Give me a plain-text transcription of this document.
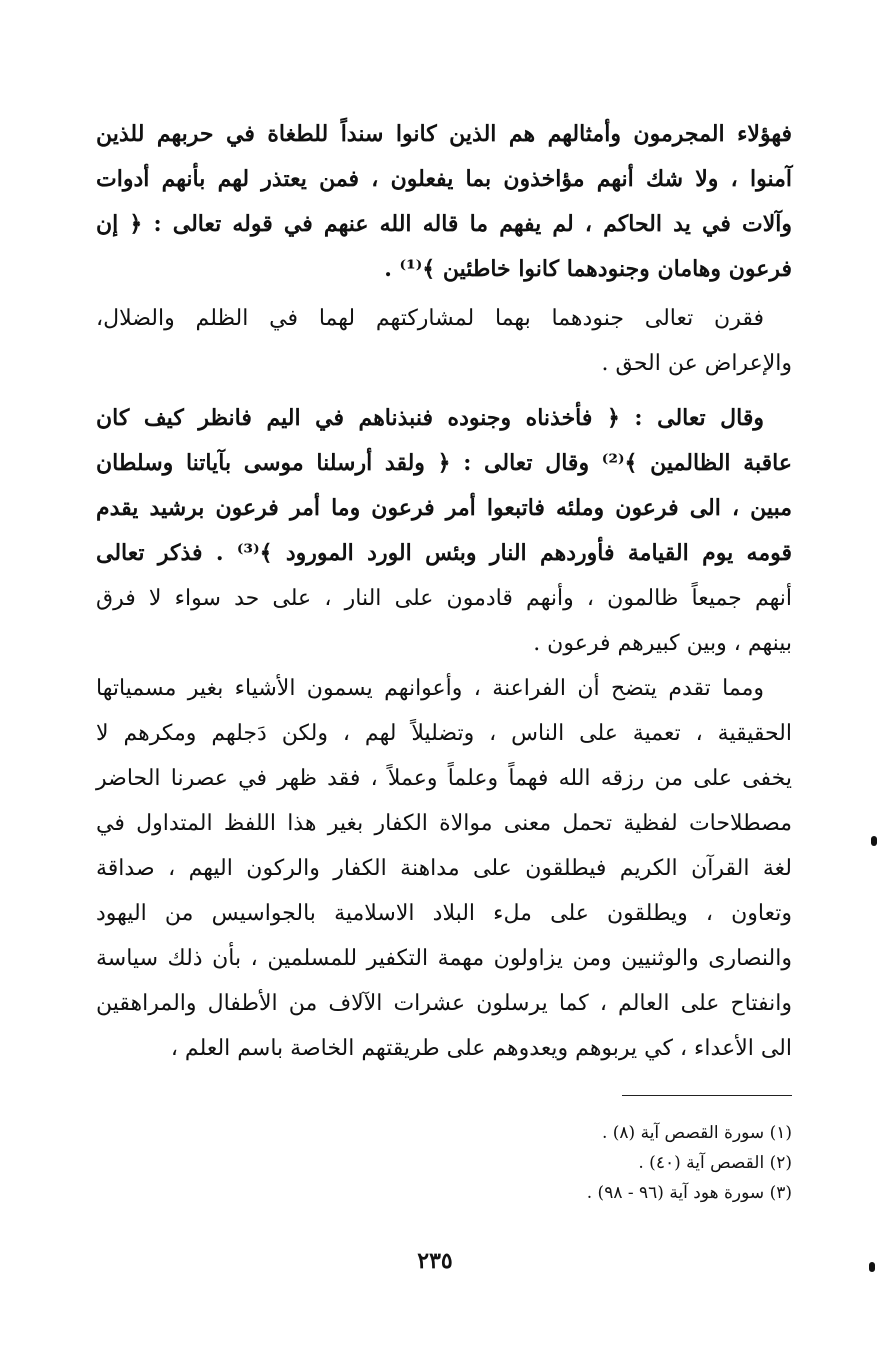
فهؤلاء المجرمون وأمثالهم هم الذين كانوا سنداً للطغاة في حربهم للذين
آمنوا ، ولا شك أنهم مؤاخذون بما يفعلون ، فمن يعتذر لهم بأنهم أدوات
وآلات في يد الحاكم ، لم يفهم ما قاله الله عنهم في قوله تعالى : ﴿ إن
فرعون وهامان وجنودهما كانوا خاطئين ﴾⁽¹⁾ .
فقرن تعالى جنودهما بهما لمشاركتهم لهما في الظلم والضلال،
والإعراض عن الحق .
وقال تعالى : ﴿ فأخذناه وجنوده فنبذناهم في اليم فانظر كيف كان
عاقبة الظالمين ﴾⁽²⁾ وقال تعالى : ﴿ ولقد أرسلنا موسى بآياتنا وسلطان
مبين ، الى فرعون وملئه فاتبعوا أمر فرعون وما أمر فرعون برشيد يقدم
قومه يوم القيامة فأوردهم النار وبئس الورد المورود ﴾⁽³⁾ . فذكر تعالى
أنهم جميعاً ظالمون ، وأنهم قادمون على النار ، على حد سواء لا فرق
بينهم ، وبين كبيرهم فرعون .
ومما تقدم يتضح أن الفراعنة ، وأعوانهم يسمون الأشياء بغير مسمياتها
الحقيقية ، تعمية على الناس ، وتضليلاً لهم ، ولكن دَجلهم ومكرهم لا
يخفى على من رزقه الله فهماً وعلماً وعملاً ، فقد ظهر في عصرنا الحاضر
مصطلاحات لفظية تحمل معنى موالاة الكفار بغير هذا اللفظ المتداول في
لغة القرآن الكريم فيطلقون على مداهنة الكفار والركون اليهم ، صداقة
وتعاون ، ويطلقون على ملء البلاد الاسلامية بالجواسيس من اليهود
والنصارى والوثنيين ومن يزاولون مهمة التكفير للمسلمين ، بأن ذلك سياسة
وانفتاح على العالم ، كما يرسلون عشرات الآلاف من الأطفال والمراهقين
الى الأعداء ، كي يربوهم ويعدوهم على طريقتهم الخاصة باسم العلم ،
(١) سورة القصص آية (٨) .
(٢) القصص آية (٤٠) .
(٣) سورة هود آية (٩٦ - ٩٨) .
٢٣٥
